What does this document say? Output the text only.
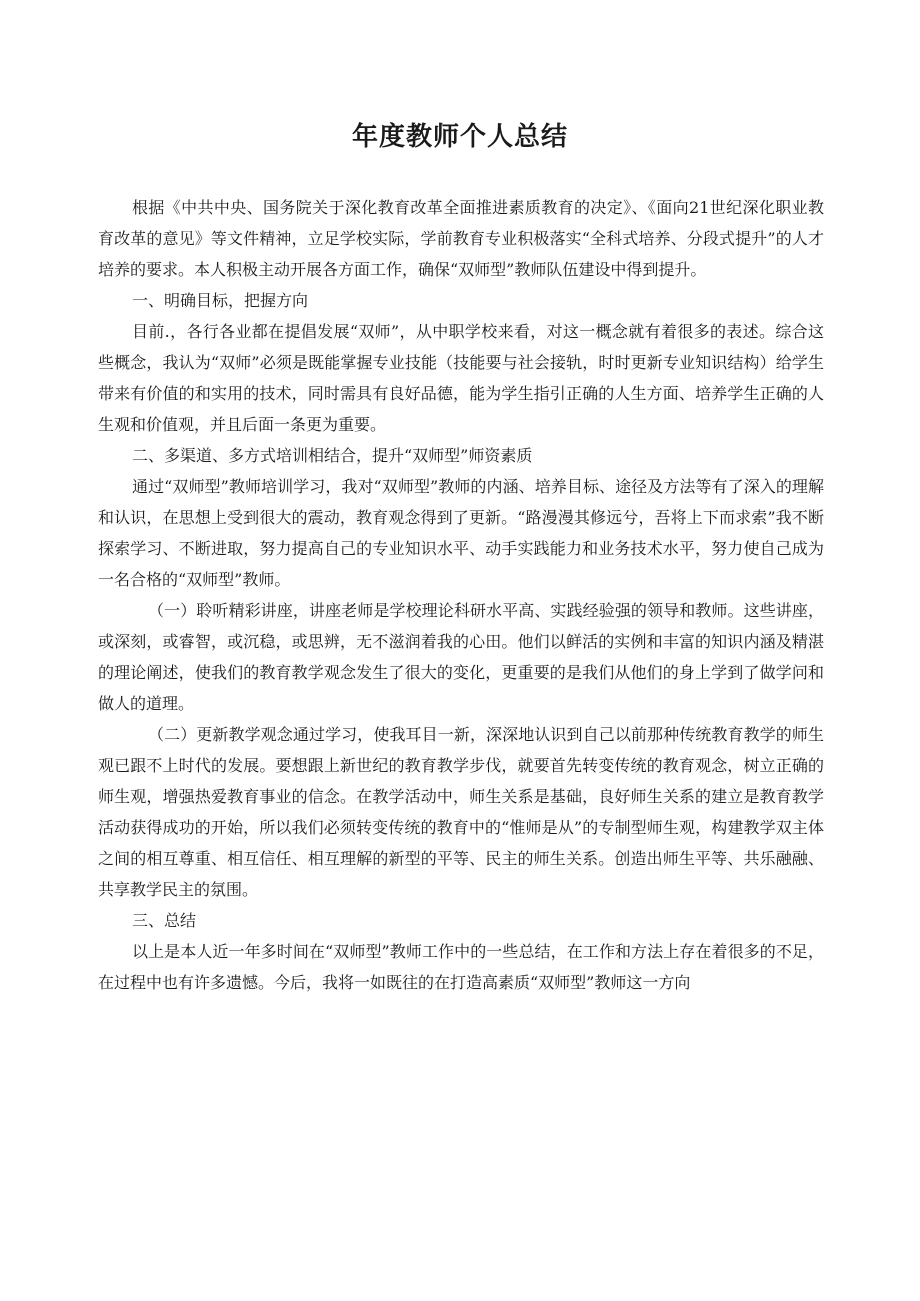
年度教师个人总结

根据《中共中央、国务院关于深化教育改革全面推进素质教育的决定》、《面向21世纪深化职业教育改革的意见》等文件精神，立足学校实际，学前教育专业积极落实“全科式培养、分段式提升”的人才培养的要求。本人积极主动开展各方面工作，确保“双师型”教师队伍建设中得到提升。

一、明确目标，把握方向

目前.，各行各业都在提倡发展“双师”，从中职学校来看，对这一概念就有着很多的表述。综合这些概念，我认为“双师”必须是既能掌握专业技能（技能要与社会接轨，时时更新专业知识结构）给学生带来有价值的和实用的技术，同时需具有良好品德，能为学生指引正确的人生方面、培养学生正确的人生观和价值观，并且后面一条更为重要。

二、多渠道、多方式培训相结合，提升“双师型”师资素质

通过“双师型”教师培训学习，我对“双师型”教师的内涵、培养目标、途径及方法等有了深入的理解和认识，在思想上受到很大的震动，教育观念得到了更新。“路漫漫其修远兮，吾将上下而求索”我不断探索学习、不断进取，努力提高自己的专业知识水平、动手实践能力和业务技术水平，努力使自己成为一名合格的“双师型”教师。

（一）聆听精彩讲座，讲座老师是学校理论科研水平高、实践经验强的领导和教师。这些讲座，或深刻，或睿智，或沉稳，或思辨，无不滋润着我的心田。他们以鲜活的实例和丰富的知识内涵及精湛的理论阐述，使我们的教育教学观念发生了很大的变化，更重要的是我们从他们的身上学到了做学问和做人的道理。

（二）更新教学观念通过学习，使我耳目一新，深深地认识到自己以前那种传统教育教学的师生观已跟不上时代的发展。要想跟上新世纪的教育教学步伐，就要首先转变传统的教育观念，树立正确的师生观，增强热爱教育事业的信念。在教学活动中，师生关系是基础，良好师生关系的建立是教育教学活动获得成功的开始，所以我们必须转变传统的教育中的“惟师是从”的专制型师生观，构建教学双主体之间的相互尊重、相互信任、相互理解的新型的平等、民主的师生关系。创造出师生平等、共乐融融、共享教学民主的氛围。

三、总结

以上是本人近一年多时间在“双师型”教师工作中的一些总结，在工作和方法上存在着很多的不足，在过程中也有许多遗憾。今后，我将一如既往的在打造高素质“双师型”教师这一方向
